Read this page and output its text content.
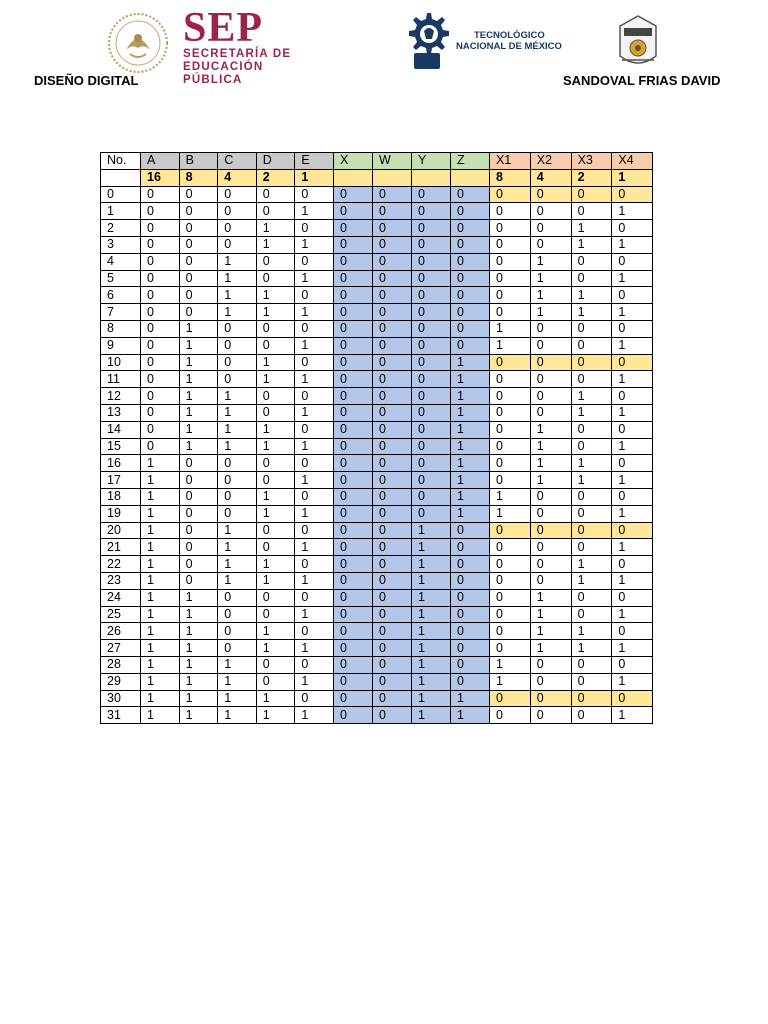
SEP
SECRETARÍA DE
EDUCACIÓN PÚBLICA
TECNOLÓGICO
NACIONAL DE MÉXICO
DISEÑO DIGITAL	SANDOVAL FRIAS DAVID
No.	A	B	C	D	E	X	W	Y	Z	X1	X2	X3	X4
	16	8	4	2	1					8	4	2	1
0	0	0	0	0	0	0	0	0	0	0	0	0	0
1	0	0	0	0	1	0	0	0	0	0	0	0	1
2	0	0	0	1	0	0	0	0	0	0	0	1	0
3	0	0	0	1	1	0	0	0	0	0	0	1	1
4	0	0	1	0	0	0	0	0	0	0	1	0	0
5	0	0	1	0	1	0	0	0	0	0	1	0	1
6	0	0	1	1	0	0	0	0	0	0	1	1	0
7	0	0	1	1	1	0	0	0	0	0	1	1	1
8	0	1	0	0	0	0	0	0	0	1	0	0	0
9	0	1	0	0	1	0	0	0	0	1	0	0	1
10	0	1	0	1	0	0	0	0	1	0	0	0	0
11	0	1	0	1	1	0	0	0	1	0	0	0	1
12	0	1	1	0	0	0	0	0	1	0	0	1	0
13	0	1	1	0	1	0	0	0	1	0	0	1	1
14	0	1	1	1	0	0	0	0	1	0	1	0	0
15	0	1	1	1	1	0	0	0	1	0	1	0	1
16	1	0	0	0	0	0	0	0	1	0	1	1	0
17	1	0	0	0	1	0	0	0	1	0	1	1	1
18	1	0	0	1	0	0	0	0	1	1	0	0	0
19	1	0	0	1	1	0	0	0	1	1	0	0	1
20	1	0	1	0	0	0	0	1	0	0	0	0	0
21	1	0	1	0	1	0	0	1	0	0	0	0	1
22	1	0	1	1	0	0	0	1	0	0	0	1	0
23	1	0	1	1	1	0	0	1	0	0	0	1	1
24	1	1	0	0	0	0	0	1	0	0	1	0	0
25	1	1	0	0	1	0	0	1	0	0	1	0	1
26	1	1	0	1	0	0	0	1	0	0	1	1	0
27	1	1	0	1	1	0	0	1	0	0	1	1	1
28	1	1	1	0	0	0	0	1	0	1	0	0	0
29	1	1	1	0	1	0	0	1	0	1	0	0	1
30	1	1	1	1	0	0	0	1	1	0	0	0	0
31	1	1	1	1	1	0	0	1	1	0	0	0	1
